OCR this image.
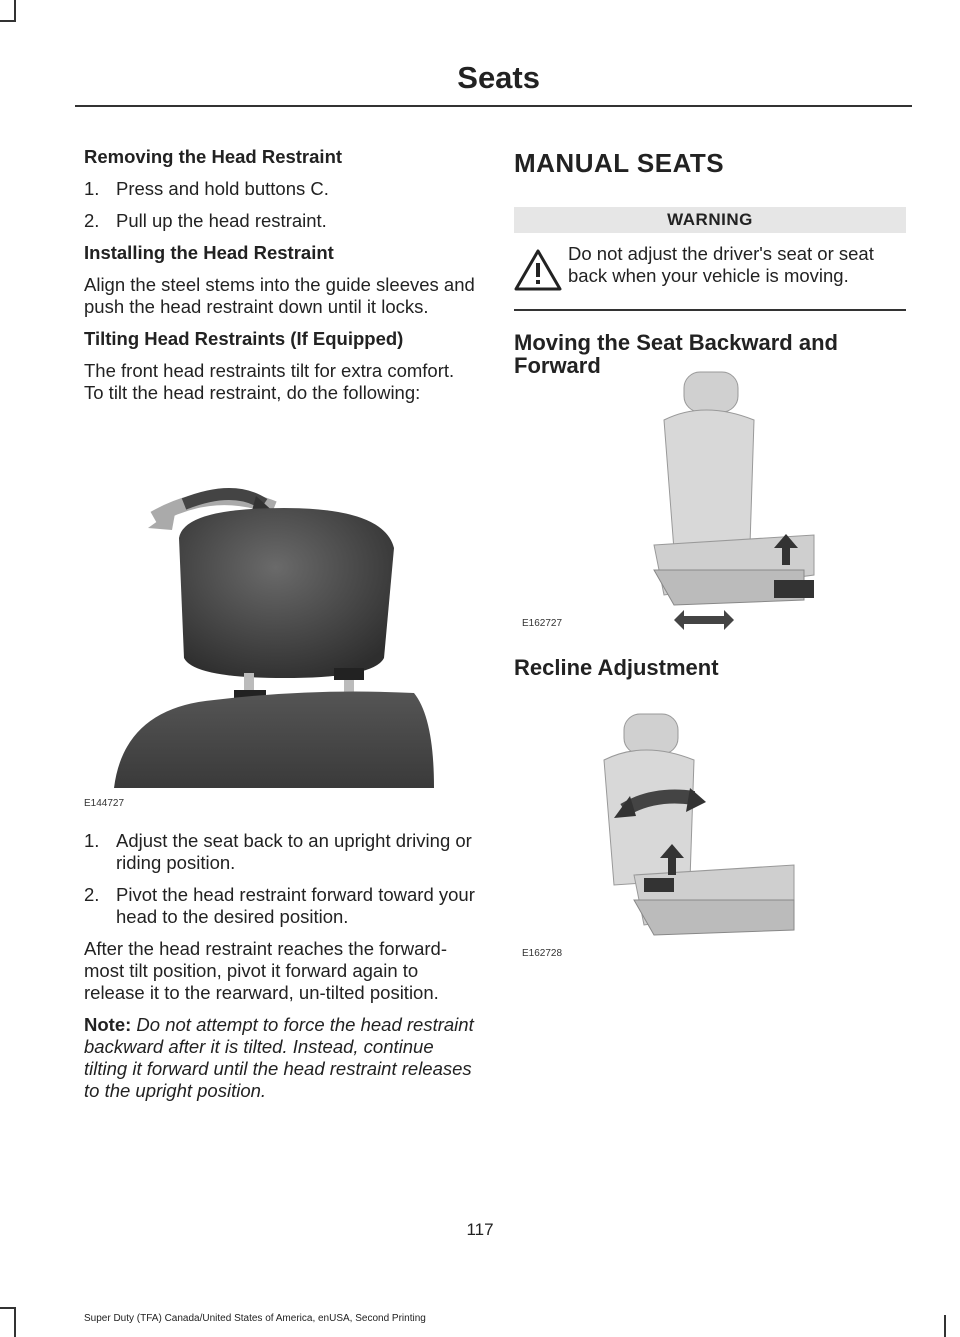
Seats
Removing the Head Restraint
1. Press and hold buttons C.
2. Pull up the head restraint.
Installing the Head Restraint
Align the steel stems into the guide sleeves and push the head restraint down until it locks.
Tilting Head Restraints (If Equipped)
The front head restraints tilt for extra comfort. To tilt the head restraint, do the following:
E144727
1. Adjust the seat back to an upright driving or riding position.
2. Pivot the head restraint forward toward your head to the desired position.
After the head restraint reaches the forward-most tilt position, pivot it forward again to release it to the rearward, un-tilted position.
Note: Do not attempt to force the head restraint backward after it is tilted. Instead, continue tilting it forward until the head restraint releases to the upright position.
MANUAL SEATS
WARNING
Do not adjust the driver's seat or seat back when your vehicle is moving.
Moving the Seat Backward and Forward
E162727
Recline Adjustment
E162728
117
Super Duty (TFA) Canada/United States of America, enUSA, Second Printing
